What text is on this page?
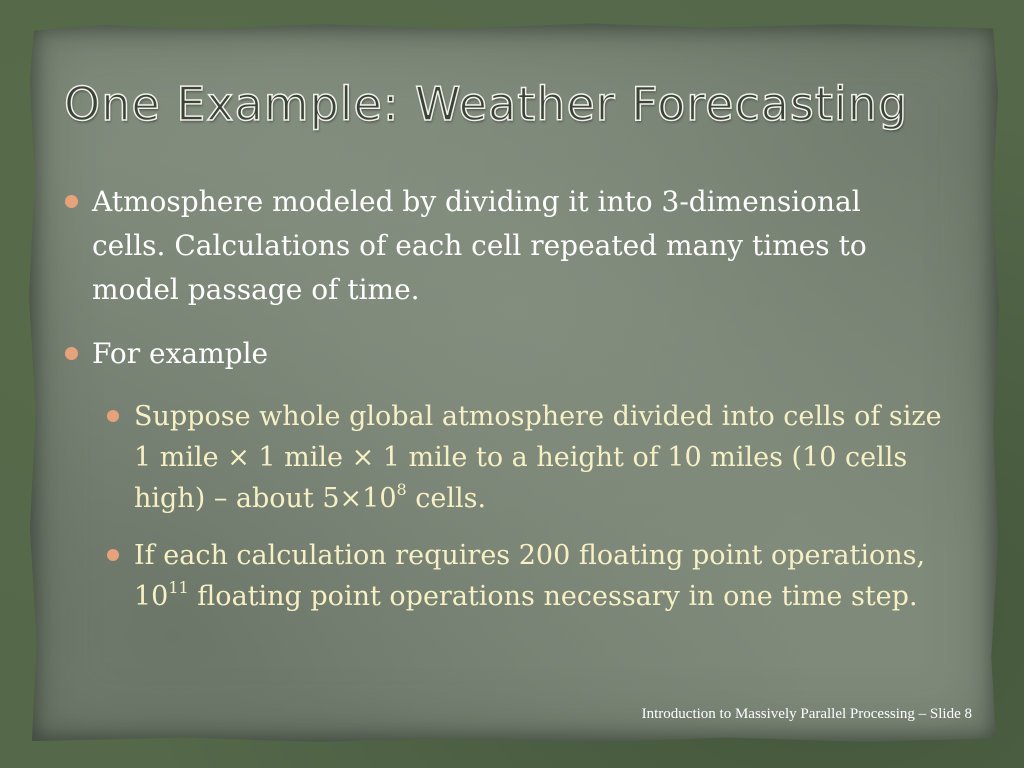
One Example: Weather Forecasting
Atmosphere modeled by dividing it into 3-dimensional cells. Calculations of each cell repeated many times to model passage of time.
For example
Suppose whole global atmosphere divided into cells of size 1 mile × 1 mile × 1 mile to a height of 10 miles (10 cells high) – about $5\times 10^8$ cells.
If each calculation requires 200 floating point operations, $10^{11}$ floating point operations necessary in one time step.
Introduction to Massively Parallel Processing – Slide 8
